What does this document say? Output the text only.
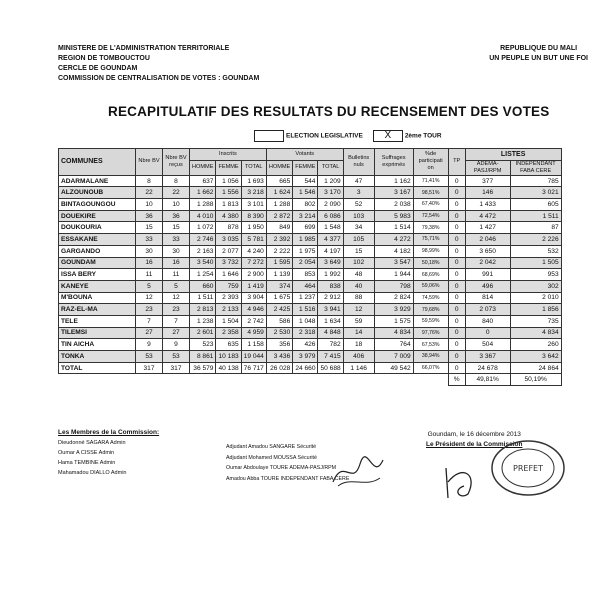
MINISTERE DE L'ADMINISTRATION TERRITORIALE
REGION DE TOMBOUCTOU
CERCLE DE GOUNDAM
COMMISSION DE CENTRALISATION DE VOTES : GOUNDAM
REPUBLIQUE DU MALI
UN PEUPLE UN BUT UNE FOI
RECAPITULATIF DES RESULTATS DU RECENSEMENT DES VOTES
ELECTION LEGISLATIVE X 2ème TOUR
COMMUNES	Nbre BV	Nbre BV reçus	Inscrits			Votants			Bulletins nuls	Suffrages exprimés	%de participati on	TP	LISTES	
			HOMME	FEMME	TOTAL	HOMME	FEMME	TOTAL					ADEMA-PASJ/RPM	INDEPENDANT FABA CERE
ADARMALANE	8	8	637	1 056	1 693	665	544	1 209	47	1 162	71,41%	0	377	785
ALZOUNOUB	22	22	1 662	1 556	3 218	1 624	1 546	3 170	3	3 167	98,51%	0	146	3 021
BINTAGOUNGOU	10	10	1 288	1 813	3 101	1 288	802	2 090	52	2 038	67,40%	0	1 433	605
DOUEKIRE	36	36	4 010	4 380	8 390	2 872	3 214	6 086	103	5 983	72,54%	0	4 472	1 511
DOUKOURIA	15	15	1 072	878	1 950	849	699	1 548	34	1 514	79,38%	0	1 427	87
ESSAKANE	33	33	2 746	3 035	5 781	2 392	1 985	4 377	105	4 272	75,71%	0	2 046	2 226
GARGANDO	30	30	2 163	2 077	4 240	2 222	1 975	4 197	15	4 182	98,99%	0	3 650	532
GOUNDAM	16	16	3 540	3 732	7 272	1 595	2 054	3 649	102	3 547	50,18%	0	2 042	1 505
ISSA BERY	11	11	1 254	1 646	2 900	1 139	853	1 992	48	1 944	68,69%	0	991	953
KANEYE	5	5	660	759	1 419	374	464	838	40	798	59,06%	0	496	302
M'BOUNA	12	12	1 511	2 393	3 904	1 675	1 237	2 912	88	2 824	74,59%	0	814	2 010
RAZ-EL-MA	23	23	2 813	2 133	4 946	2 425	1 516	3 941	12	3 929	79,68%	0	2 073	1 856
TELE	7	7	1 238	1 504	2 742	586	1 048	1 634	59	1 575	59,59%	0	840	735
TILEMSI	27	27	2 601	2 358	4 959	2 530	2 318	4 848	14	4 834	97,76%	0	0	4 834
TIN AICHA	9	9	523	635	1 158	356	426	782	18	764	67,53%	0	504	260
TONKA	53	53	8 861	10 183	19 044	3 436	3 979	7 415	406	7 009	38,94%	0	3 367	3 642
TOTAL	317	317	36 579	40 138	76 717	26 028	24 660	50 688	1 146	49 542	66,07%	0	24 678	24 864
												%	49,81%	50,19%
Les Membres de la Commission:
Dieudonné SAGARA Admin
Oumar A CISSE Admin
Hama TEMBINE Admin
Mahamadou DIALLO Admin
Adjudant Amadou SANGARE Sécurité
Adjudant Mohamed MOUSSA Sécurité
Oumar Abdoulaye TOURE ADEMA-PASJ/RPM
Amadou Abba TOURE INDEPENDANT FABA CERE
Goundam, le 16 décembre 2013
Le Président de la Commission
PREFET
